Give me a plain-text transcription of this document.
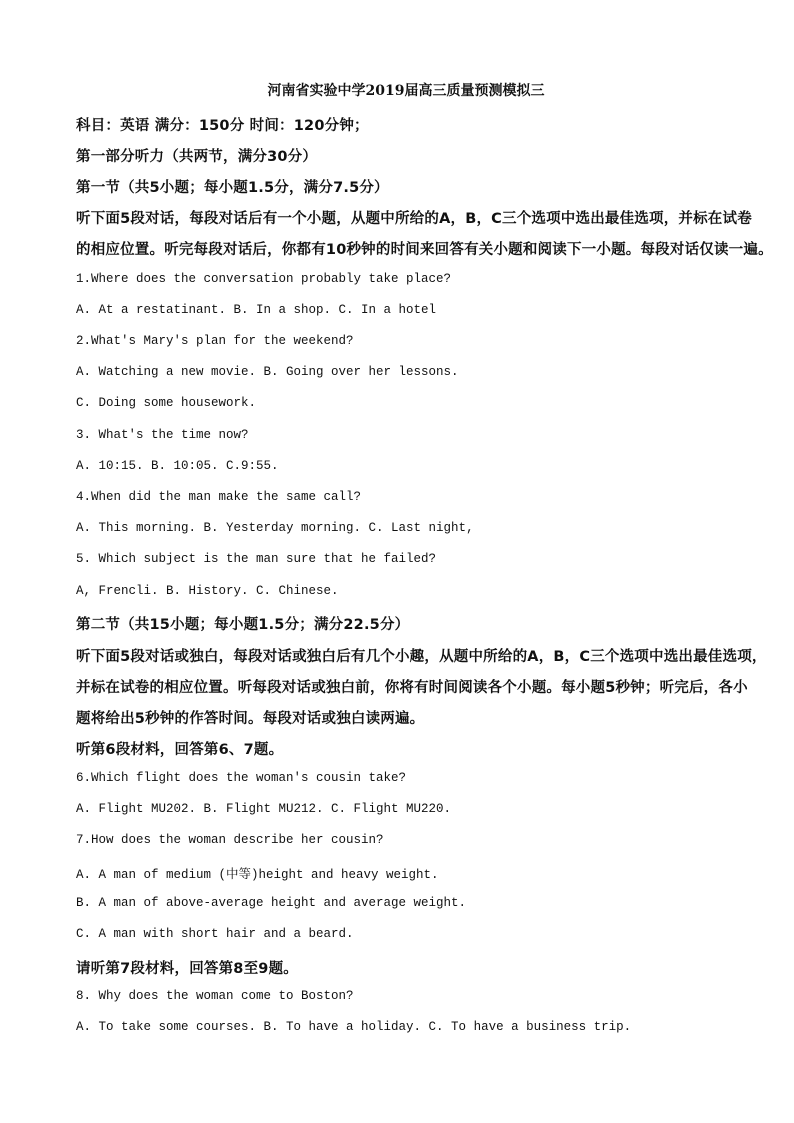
河南省实验中学2019届高三质量预测模拟三
科目：英语 满分：150分 时间：120分钟；
第一部分听力（共两节，满分30分）
第一节（共5小题；每小题1.5分，满分7.5分）
听下面5段对话，每段对话后有一个小题，从题中所给的A，B，C三个选项中选出最佳选项，并标在试卷
的相应位置。听完每段对话后，你都有10秒钟的时间来回答有关小题和阅读下一小题。每段对话仅读一遍。
1.Where does the conversation probably take place?
A. At a restatinant. B. In a shop. C. In a hotel
2.What's Mary's plan for the weekend?
A. Watching a new movie. B. Going over her lessons.
C. Doing some housework.
3. What's the time now?
A. 10:15. B. 10:05. C.9:55.
4.When did the man make the same call?
A. This morning. B. Yesterday morning. C. Last night,
5. Which subject is the man sure that he failed?
A, Frencli. B. History. C. Chinese.
第二节（共15小题；每小题1.5分；满分22.5分）
听下面5段对话或独白，每段对话或独白后有几个小趣，从题中所给的A，B，C三个选项中选出最佳选项，
并标在试卷的相应位置。听每段对话或独白前，你将有时间阅读各个小题。每小题5秒钟；听完后，各小
题将给出5秒钟的作答时间。每段对话或独白读两遍。
听第6段材料，回答第6、7题。
6.Which flight does the woman's cousin take?
A. Flight MU202. B. Flight MU212. C. Flight MU220.
7.How does the woman describe her cousin?
A. A man of medium (中等)height and heavy weight.
B. A man of above-average height and average weight.
C. A man with short hair and a beard.
请听第7段材料，回答第8至9题。
8. Why does the woman come to Boston?
A. To take some courses. B. To have a holiday. C. To have a business trip.
